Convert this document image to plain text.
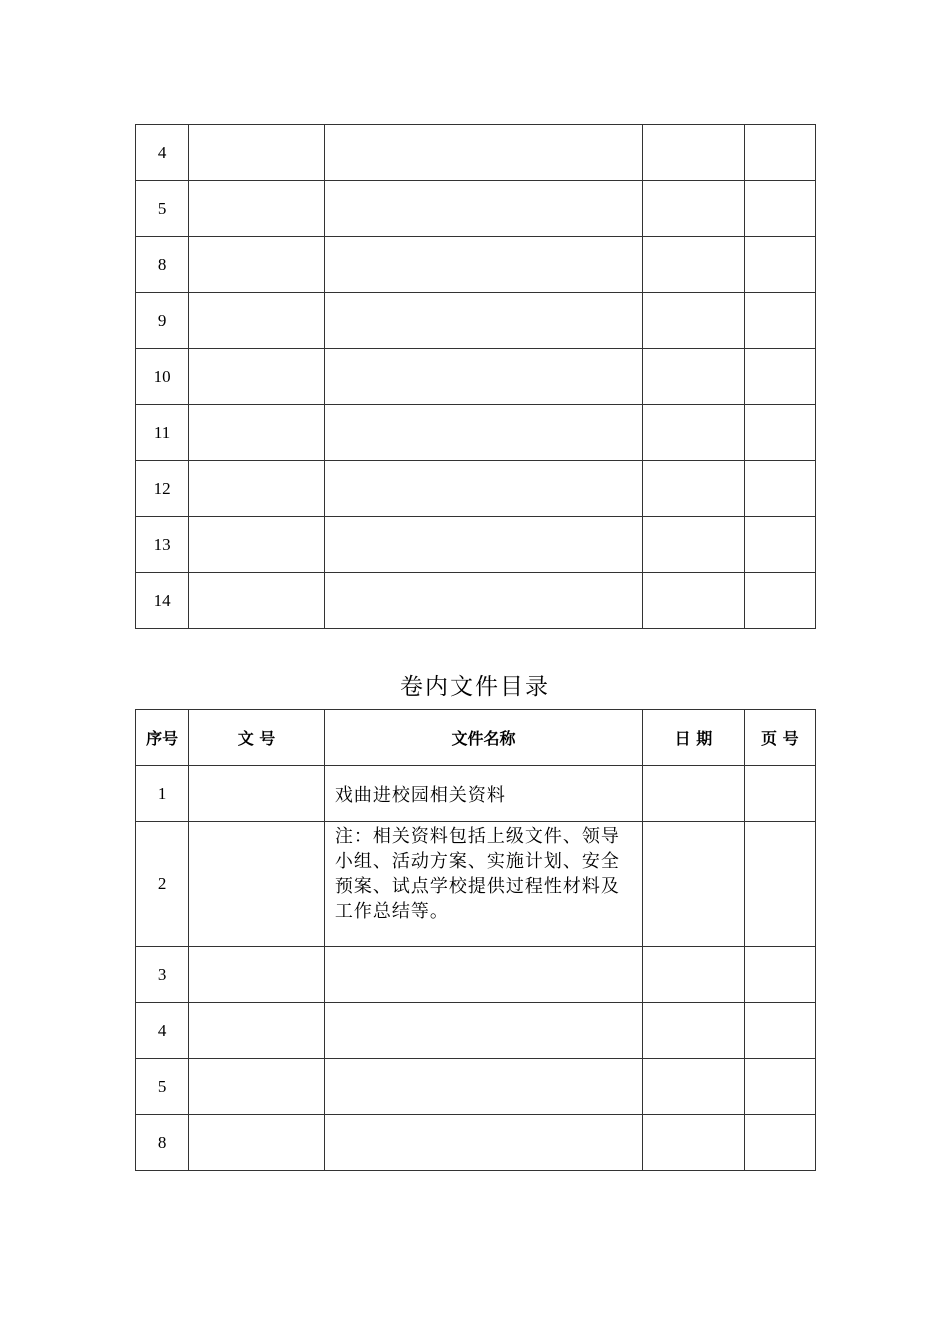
4				
5				
8				
9				
10				
11				
12				
13				
14				
卷内文件目录
序号	文 号	文件名称	日 期	页 号
1		戏曲进校园相关资料		
2		注：相关资料包括上级文件、领导小组、活动方案、实施计划、安全预案、试点学校提供过程性材料及工作总结等。		
3				
4				
5				
8				
